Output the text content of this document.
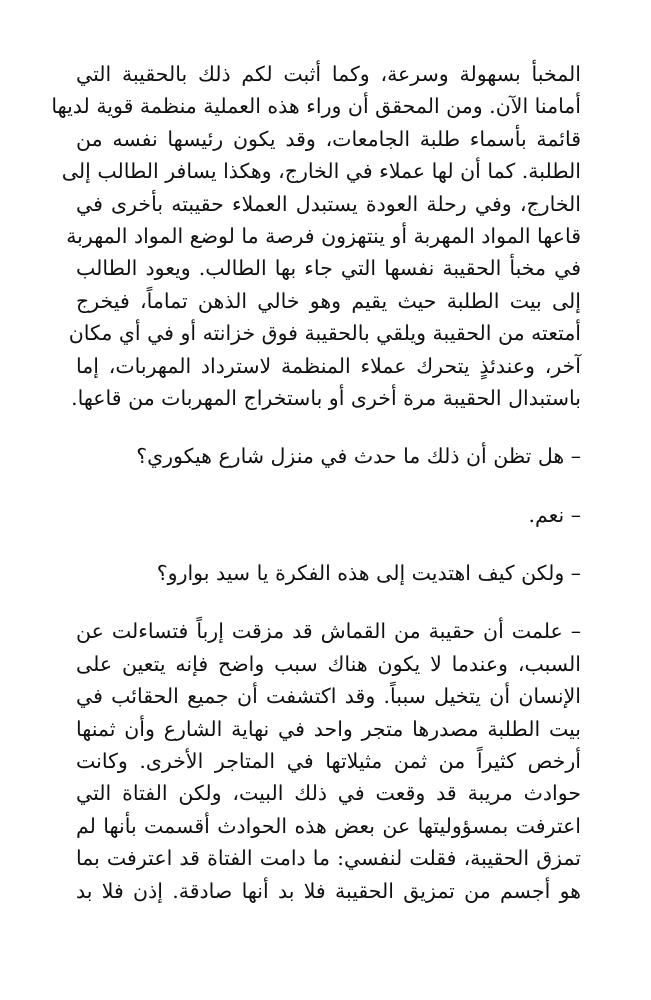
المخبأ بسهولة وسرعة، وكما أثبت لكم ذلك بالحقيبة التي
أمامنا الآن. ومن المحقق أن وراء هذه العملية منظمة قوية لديها
قائمة بأسماء طلبة الجامعات، وقد يكون رئيسها نفسه من
الطلبة. كما أن لها عملاء في الخارج، وهكذا يسافر الطالب إلى
الخارج، وفي رحلة العودة يستبدل العملاء حقيبته بأخرى في
قاعها المواد المهربة أو ينتهزون فرصة ما لوضع المواد المهربة
في مخبأ الحقيبة نفسها التي جاء بها الطالب. ويعود الطالب
إلى بيت الطلبة حيث يقيم وهو خالي الذهن تماماً، فيخرج
أمتعته من الحقيبة ويلقي بالحقيبة فوق خزانته أو في أي مكان
آخر، وعندئذٍ يتحرك عملاء المنظمة لاسترداد المهربات، إما
باستبدال الحقيبة مرة أخرى أو باستخراج المهربات من قاعها.
– هل تظن أن ذلك ما حدث في منزل شارع هيكوري؟
– نعم.
– ولكن كيف اهتديت إلى هذه الفكرة يا سيد بوارو؟
– علمت أن حقيبة من القماش قد مزقت إرباً فتساءلت عن
السبب، وعندما لا يكون هناك سبب واضح فإنه يتعين على
الإنسان أن يتخيل سبباً. وقد اكتشفت أن جميع الحقائب في
بيت الطلبة مصدرها متجر واحد في نهاية الشارع وأن ثمنها
أرخص كثيراً من ثمن مثيلاتها في المتاجر الأخرى. وكانت
حوادث مريبة قد وقعت في ذلك البيت، ولكن الفتاة التي
اعترفت بمسؤوليتها عن بعض هذه الحوادث أقسمت بأنها لم
تمزق الحقيبة، فقلت لنفسي: ما دامت الفتاة قد اعترفت بما
هو أجسم من تمزيق الحقيبة فلا بد أنها صادقة. إذن فلا بد
